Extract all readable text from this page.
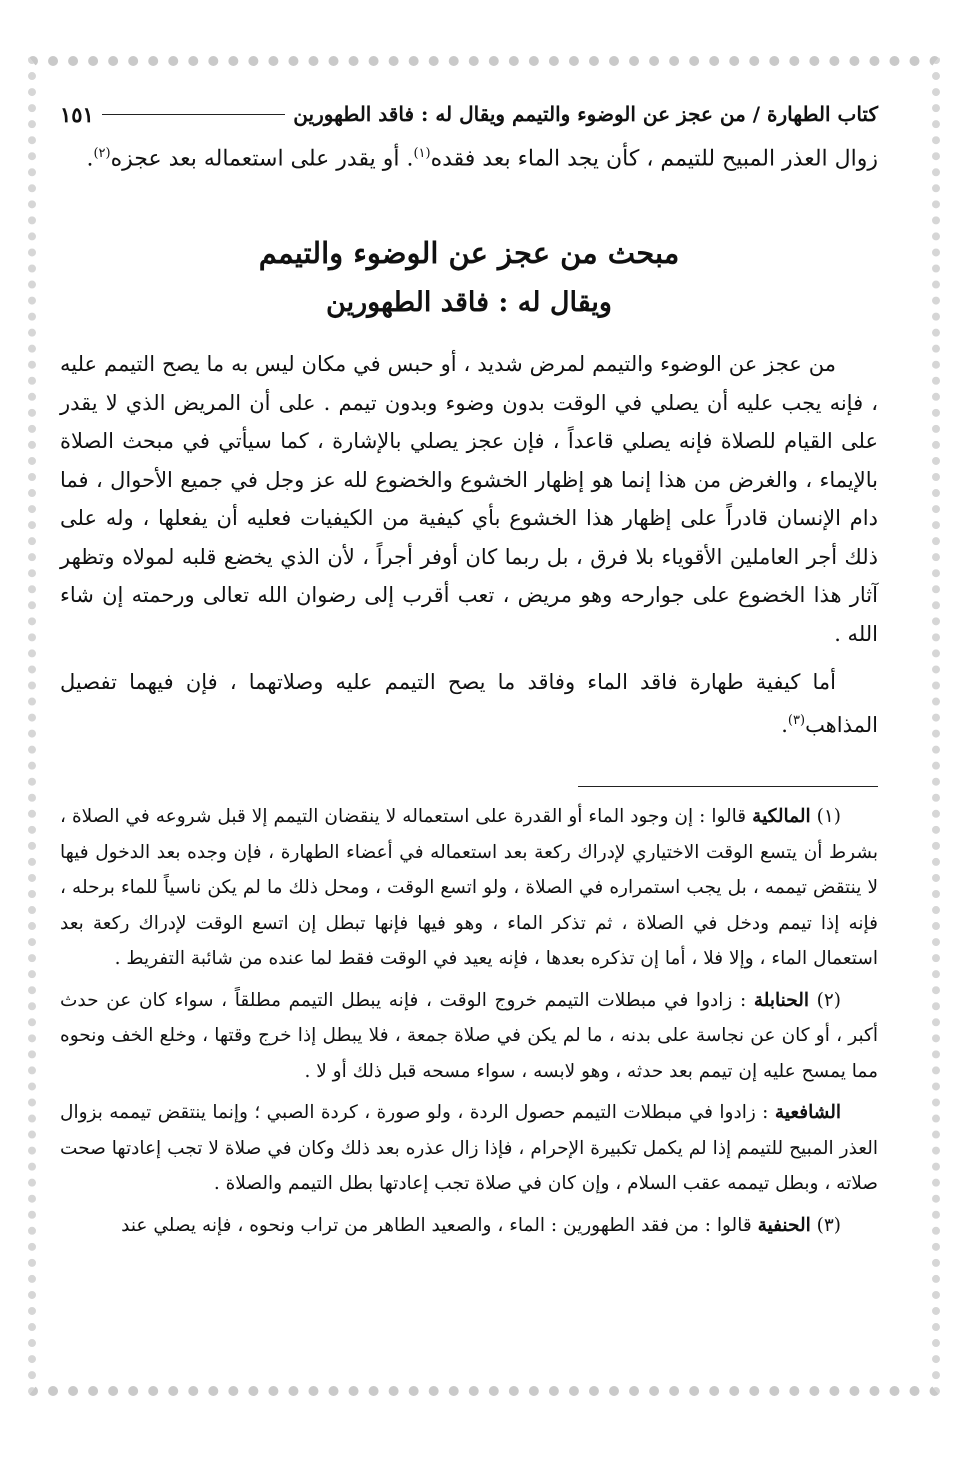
كتاب الطهارة / من عجز عن الوضوء والتيمم ويقال له : فاقد الطهورين
١٥١

زوال العذر المبيح للتيمم ، كأن يجد الماء بعد فقده$^{(١)}$. أو يقدر على استعماله بعد عجزه$^{(٢)}$.

مبحث من عجز عن الوضوء والتيمم
ويقال له : فاقد الطهورين

من عجز عن الوضوء والتيمم لمرض شديد ، أو حبس في مكان ليس به ما يصح التيمم عليه ، فإنه يجب عليه أن يصلي في الوقت بدون وضوء وبدون تيمم . على أن المريض الذي لا يقدر على القيام للصلاة فإنه يصلي قاعداً ، فإن عجز يصلي بالإشارة ، كما سيأتي في مبحث الصلاة بالإيماء ، والغرض من هذا إنما هو إظهار الخشوع والخضوع لله عز وجل في جميع الأحوال ، فما دام الإنسان قادراً على إظهار هذا الخشوع بأي كيفية من الكيفيات فعليه أن يفعلها ، وله على ذلك أجر العاملين الأقوياء بلا فرق ، بل ربما كان أوفر أجراً ، لأن الذي يخضع قلبه لمولاه وتظهر آثار هذا الخضوع على جوارحه وهو مريض ، تعب أقرب إلى رضوان الله تعالى ورحمته إن شاء الله .

أما كيفية طهارة فاقد الماء وفاقد ما يصح التيمم عليه وصلاتهما ، فإن فيهما تفصيل المذاهب$^{(٣)}$.

(١) المالكية قالوا : إن وجود الماء أو القدرة على استعماله لا ينقضان التيمم إلا قبل شروعه في الصلاة ، بشرط أن يتسع الوقت الاختياري لإدراك ركعة بعد استعماله في أعضاء الطهارة ، فإن وجده بعد الدخول فيها لا ينتقض تيممه ، بل يجب استمراره في الصلاة ، ولو اتسع الوقت ، ومحل ذلك ما لم يكن ناسياً للماء برحله ، فإنه إذا تيمم ودخل في الصلاة ، ثم تذكر الماء ، وهو فيها فإنها تبطل إن اتسع الوقت لإدراك ركعة بعد استعمال الماء ، وإلا فلا ، أما إن تذكره بعدها ، فإنه يعيد في الوقت فقط لما عنده من شائبة التفريط .

(٢) الحنابلة : زادوا في مبطلات التيمم خروج الوقت ، فإنه يبطل التيمم مطلقاً ، سواء كان عن حدث أكبر ، أو كان عن نجاسة على بدنه ، ما لم يكن في صلاة جمعة ، فلا يبطل إذا خرج وقتها ، وخلع الخف ونحوه مما يمسح عليه إن تيمم بعد حدثه ، وهو لابسه ، سواء مسحه قبل ذلك أو لا .

الشافعية : زادوا في مبطلات التيمم حصول الردة ، ولو صورة ، كردة الصبي ؛ وإنما ينتقض تيممه بزوال العذر المبيح للتيمم إذا لم يكمل تكبيرة الإحرام ، فإذا زال عذره بعد ذلك وكان في صلاة لا تجب إعادتها صحت صلاته ، وبطل تيممه عقب السلام ، وإن كان في صلاة تجب إعادتها بطل التيمم والصلاة .

(٣) الحنفية قالوا : من فقد الطهورين : الماء ، والصعيد الطاهر من تراب ونحوه ، فإنه يصلي عند
